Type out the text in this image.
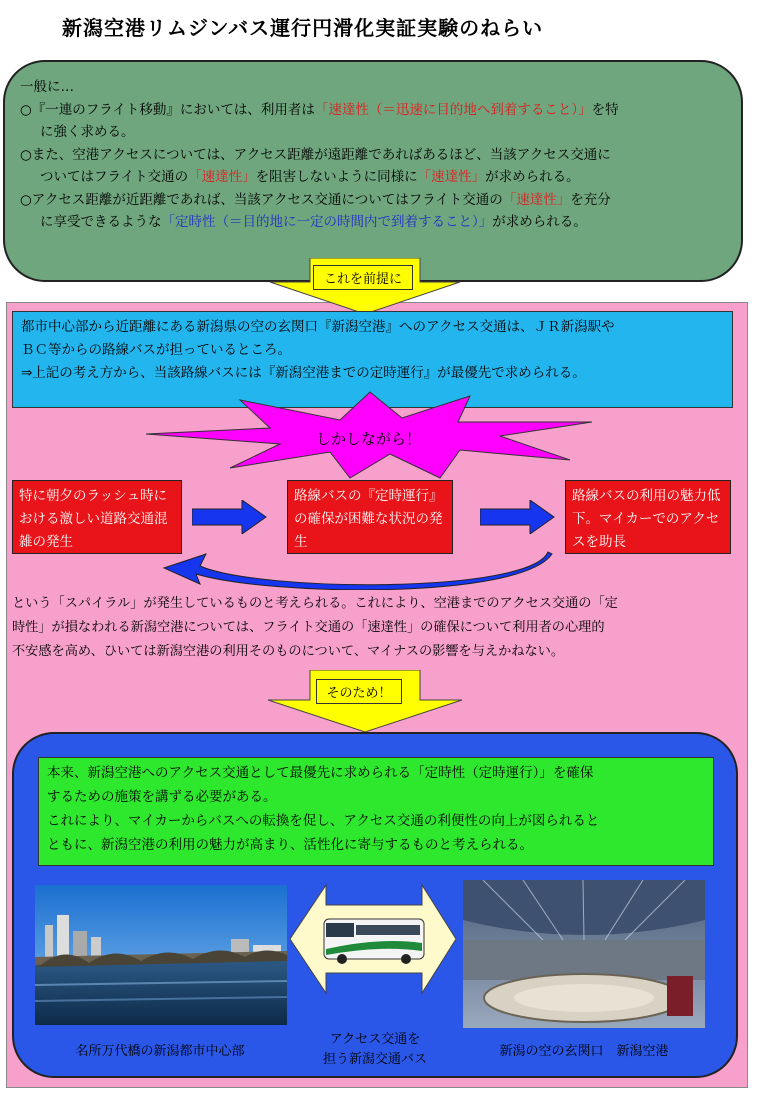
新潟空港リムジンバス運行円滑化実証実験のねらい

一般に…

○『一連のフライト移動』においては、利用者は「速達性（＝迅速に目的地へ到着すること）」を特

に強く求める。

○また、空港アクセスについては、アクセス距離が遠距離であればあるほど、当該アクセス交通に

ついてはフライト交通の「速達性」を阻害しないように同様に「速達性」が求められる。

○アクセス距離が近距離であれば、当該アクセス交通についてはフライト交通の「速達性」を充分

に享受できるような「定時性（＝目的地に一定の時間内で到着すること）」が求められる。

これを前提に

都市中心部から近距離にある新潟県の空の玄関口『新潟空港』へのアクセス交通は、ＪＲ新潟駅や

ＢＣ等からの路線バスが担っているところ。

⇒上記の考え方から、当該路線バスには『新潟空港までの定時運行』が最優先で求められる。

しかしながら！
特に朝夕のラッシュ時における激しい道路交通混雑の発生
路線バスの『定時運行』の確保が困難な状況の発生
路線バスの利用の魅力低下。マイカーでのアクセスを助長

という「スパイラル」が発生しているものと考えられる。これにより、空港までのアクセス交通の「定

時性」が損なわれる新潟空港については、フライト交通の「速達性」の確保について利用者の心理的

不安感を高め、ひいては新潟空港の利用そのものについて、マイナスの影響を与えかねない。

そのため！

本来、新潟空港へのアクセス交通として最優先に求められる「定時性（定時運行）」を確保

するための施策を講ずる必要がある。

これにより、マイカーからバスへの転換を促し、アクセス交通の利便性の向上が図られると

ともに、新潟空港の利用の魅力が高まり、活性化に寄与するものと考えられる。

名所万代橋の新潟都市中心部
アクセス交通を
担う新潟交通バス
新潟の空の玄関口　新潟空港
